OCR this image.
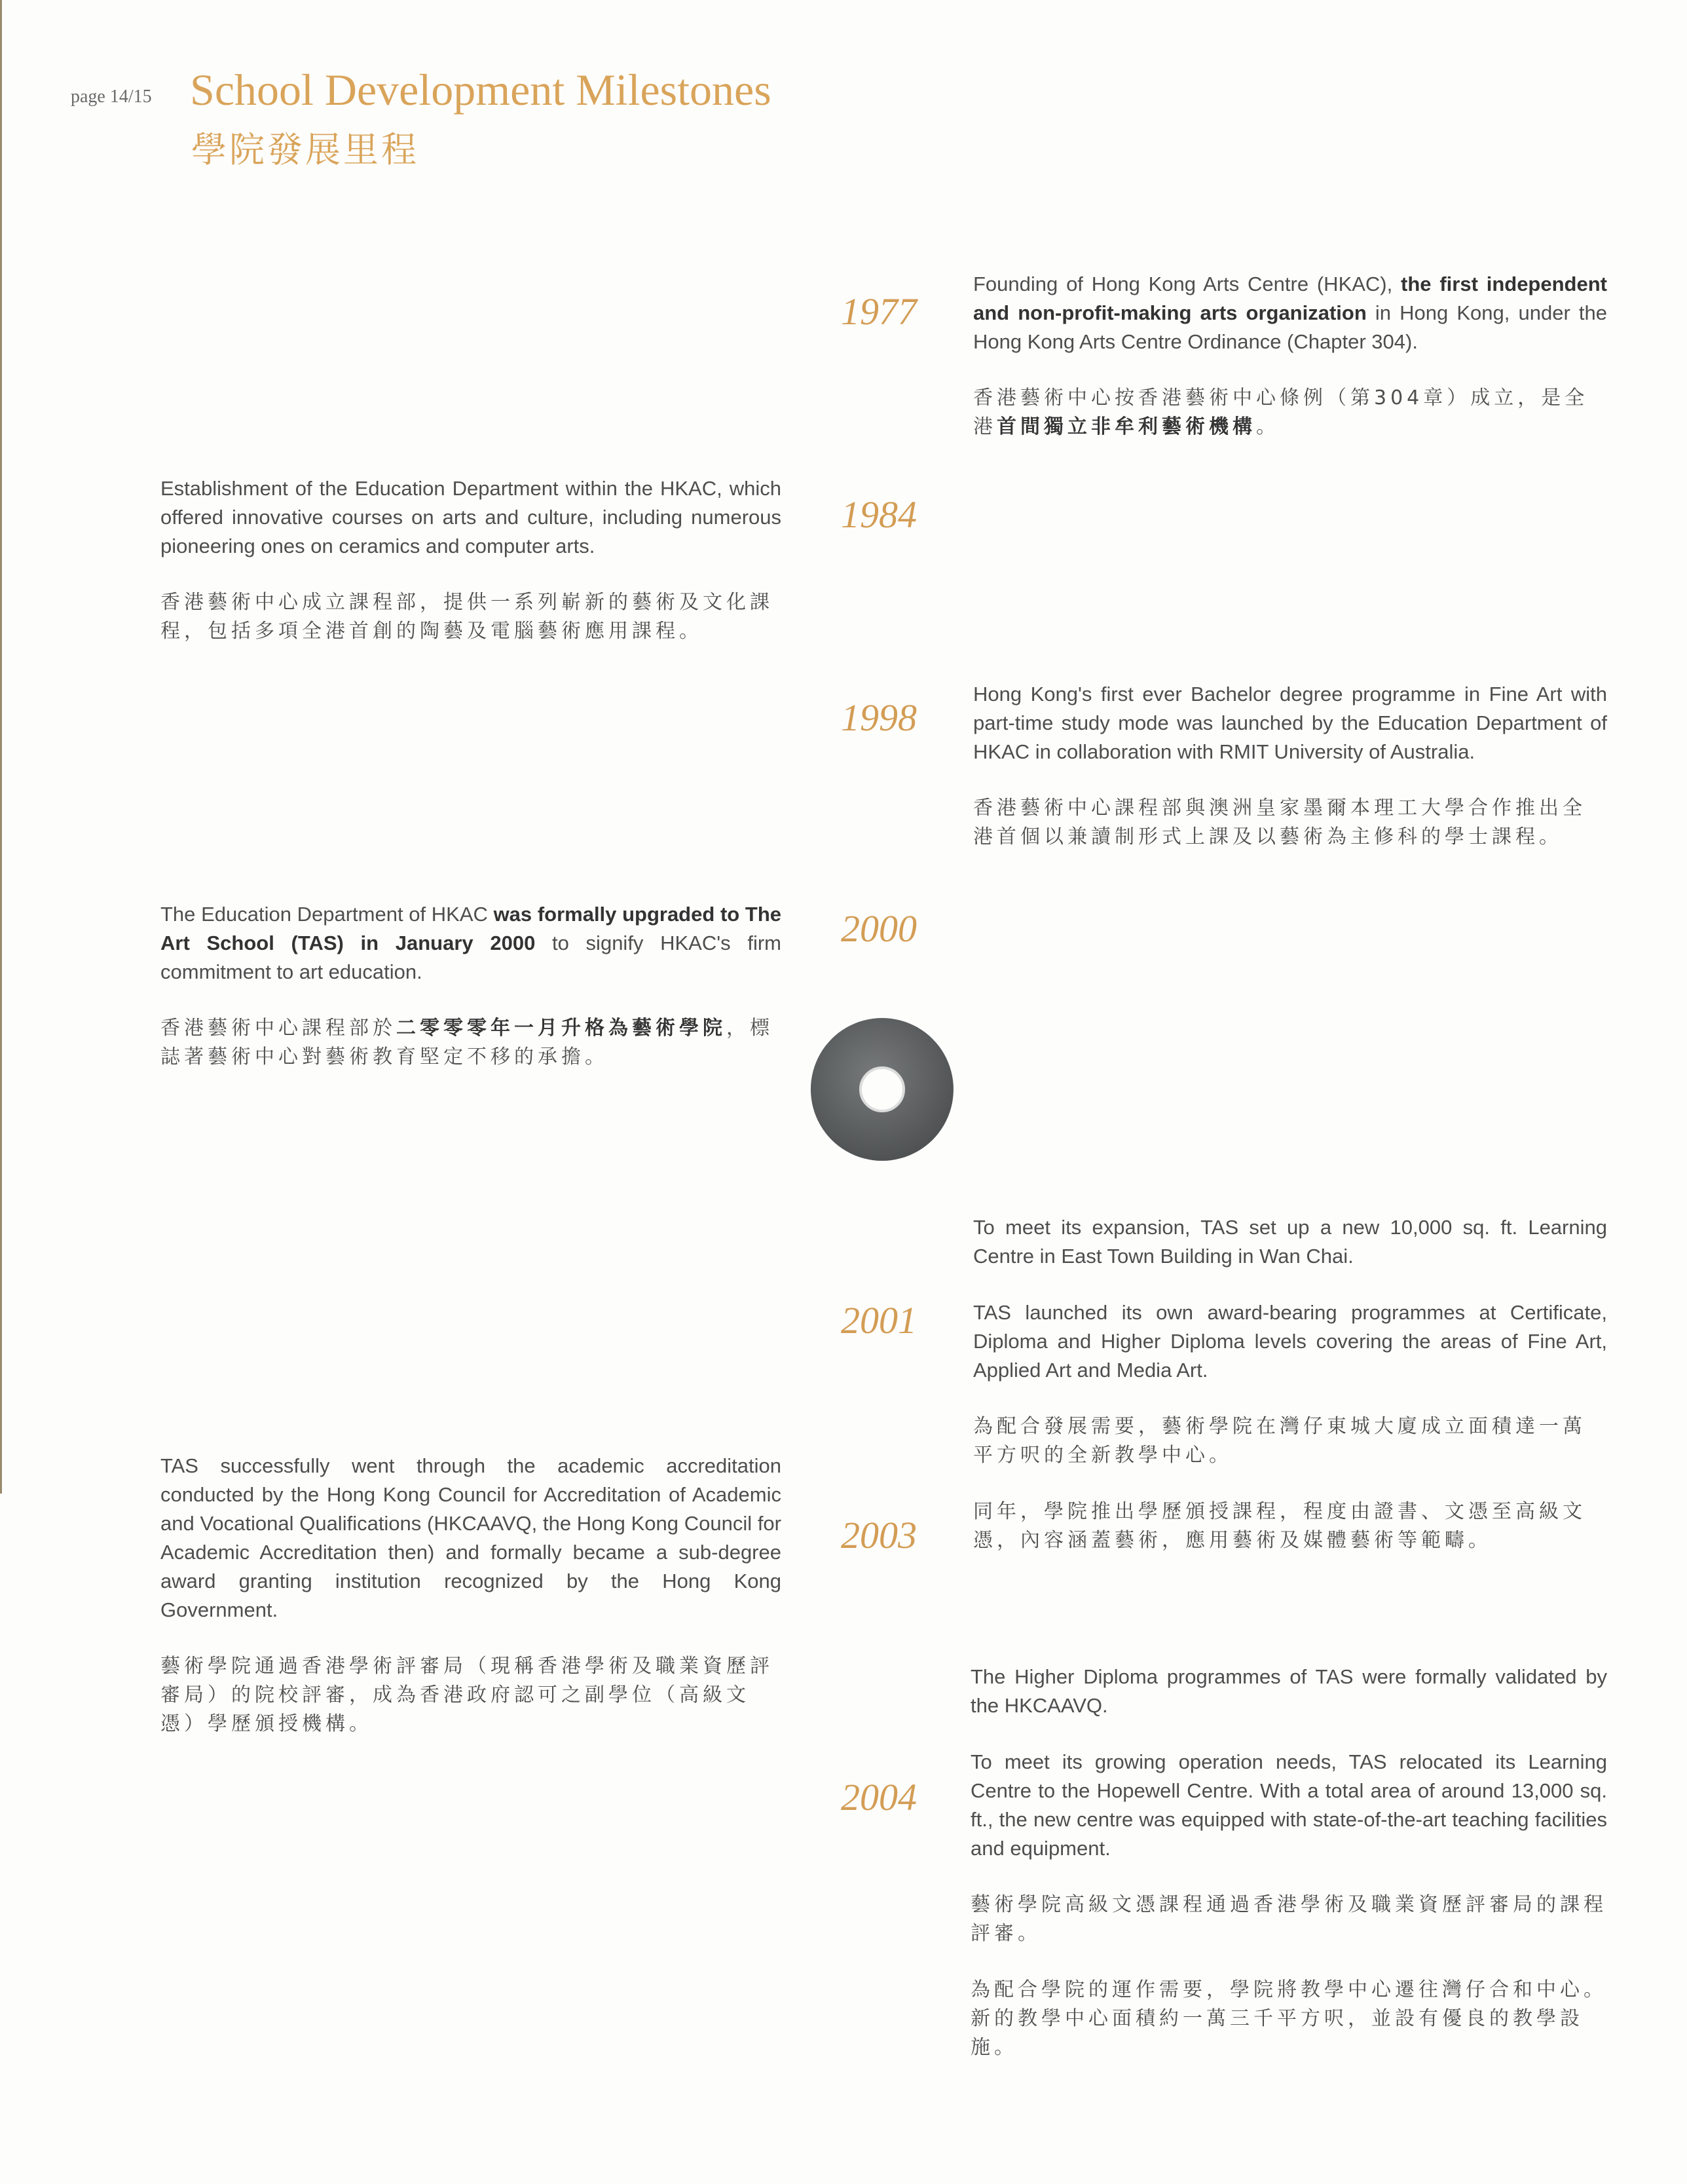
page 14/15 School Development Milestones
學院發展里程
1977

Founding of Hong Kong Arts Centre (HKAC), the first independent and non-profit-making arts organization in Hong Kong, under the Hong Kong Arts Centre Ordinance (Chapter 304).

香港藝術中心按香港藝術中心條例（第304章）成立，是全港首間獨立非牟利藝術機構。

1984

Establishment of the Education Department within the HKAC, which offered innovative courses on arts and culture, including numerous pioneering ones on ceramics and computer arts.

香港藝術中心成立課程部，提供一系列嶄新的藝術及文化課程，包括多項全港首創的陶藝及電腦藝術應用課程。

1998

Hong Kong's first ever Bachelor degree programme in Fine Art with part-time study mode was launched by the Education Department of HKAC in collaboration with RMIT University of Australia.

香港藝術中心課程部與澳洲皇家墨爾本理工大學合作推出全港首個以兼讀制形式上課及以藝術為主修科的學士課程。

2000

The Education Department of HKAC was formally upgraded to The Art School (TAS) in January 2000 to signify HKAC's firm commitment to art education.

香港藝術中心課程部於二零零零年一月升格為藝術學院，標誌著藝術中心對藝術教育堅定不移的承擔。

2001

To meet its expansion, TAS set up a new 10,000 sq. ft. Learning Centre in East Town Building in Wan Chai.

TAS launched its own award-bearing programmes at Certificate, Diploma and Higher Diploma levels covering the areas of Fine Art, Applied Art and Media Art.

為配合發展需要，藝術學院在灣仔東城大廈成立面積達一萬平方呎的全新教學中心。

同年，學院推出學歷頒授課程，程度由證書、文憑至高級文憑，內容涵蓋藝術，應用藝術及媒體藝術等範疇。

2003

TAS successfully went through the academic accreditation conducted by the Hong Kong Council for Accreditation of Academic and Vocational Qualifications (HKCAAVQ, the Hong Kong Council for Academic Accreditation then) and formally became a sub-degree award granting institution recognized by the Hong Kong Government.

藝術學院通過香港學術評審局（現稱香港學術及職業資歷評審局）的院校評審，成為香港政府認可之副學位（高級文憑）學歷頒授機構。

2004

The Higher Diploma programmes of TAS were formally validated by the HKCAAVQ.

To meet its growing operation needs, TAS relocated its Learning Centre to the Hopewell Centre. With a total area of around 13,000 sq. ft., the new centre was equipped with state-of-the-art teaching facilities and equipment.

藝術學院高級文憑課程通過香港學術及職業資歷評審局的課程評審。

為配合學院的運作需要，學院將教學中心遷往灣仔合和中心。新的教學中心面積約一萬三千平方呎，並設有優良的教學設施。
